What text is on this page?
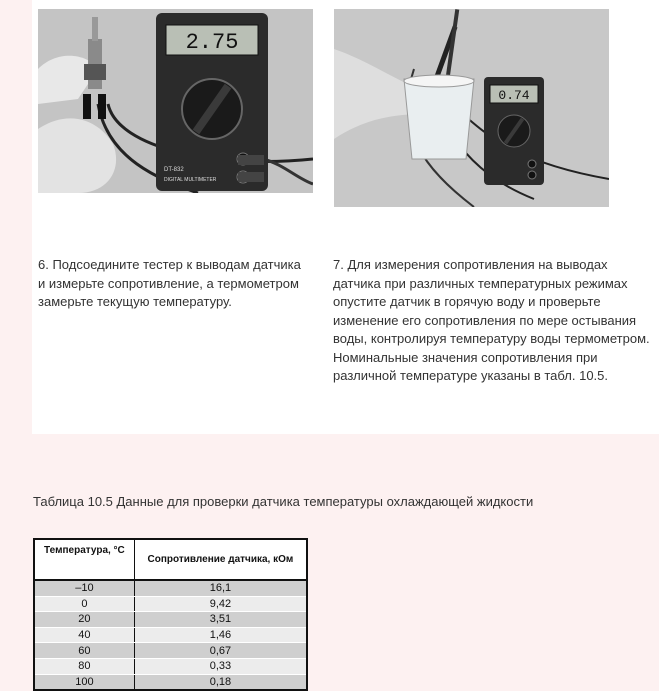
2.75
DT-832
DIGITAL MULTIMETER
0.74
6. Подсоедините тестер к выводам датчика и измерьте сопротивление, а термометром замерьте текущую температуру.
7. Для измерения сопротивления на выводах датчика при различных температурных режимах опустите датчик в горячую воду и проверьте изменение его сопротивления по мере остывания воды, контролируя температуру воды термометром. Номинальные значения сопротивления при различной температуре указаны в табл. 10.5.
Таблица 10.5 Данные для проверки датчика температуры охлаждающей жидкости
Температура, °С	Сопротивление датчика, кОм
–10	16,1
0	9,42
20	3,51
40	1,46
60	0,67
80	0,33
100	0,18
